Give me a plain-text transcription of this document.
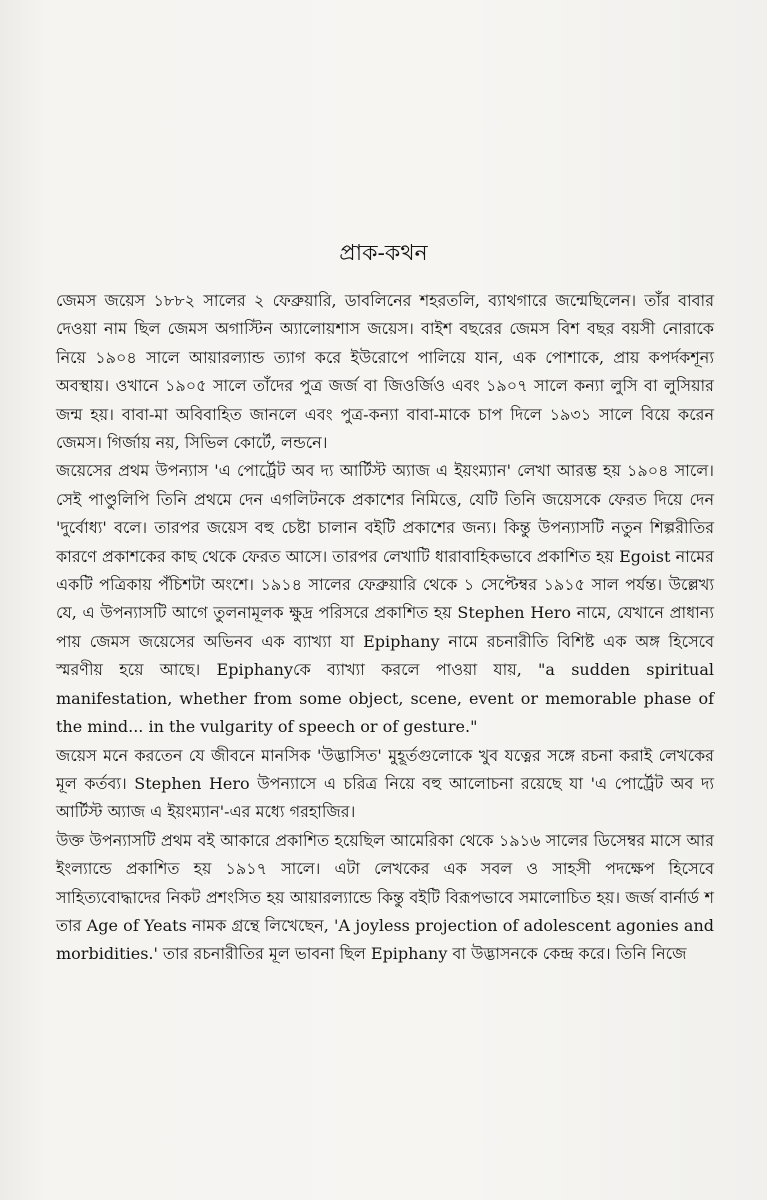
প্রাক-কথন

জেমস জয়েস ১৮৮২ সালের ২ ফেব্রুয়ারি, ডাবলিনের শহরতলি, ব্যাথগারে জন্মেছিলেন। তাঁর বাবার দেওয়া নাম ছিল জেমস অগাস্টিন অ্যালোয়শাস জয়েস। বাইশ বছরের জেমস বিশ বছর বয়সী নোরাকে নিয়ে ১৯০৪ সালে আয়ারল্যান্ড ত্যাগ করে ইউরোপে পালিয়ে যান, এক পোশাকে, প্রায় কপর্দকশূন্য অবস্থায়। ওখানে ১৯০৫ সালে তাঁদের পুত্র জর্জ বা জিওর্জিও এবং ১৯০৭ সালে কন্যা লুসি বা লুসিয়ার জন্ম হয়। বাবা-মা অবিবাহিত জানলে এবং পুত্র-কন্যা বাবা-মাকে চাপ দিলে ১৯৩১ সালে বিয়ে করেন জেমস। গির্জায় নয়, সিভিল কোর্টে, লন্ডনে।

জয়েসের প্রথম উপন্যাস 'এ পোর্ট্রেট অব দ্য আর্টিস্ট অ্যাজ এ ইয়ংম্যান' লেখা আরম্ভ হয় ১৯০৪ সালে। সেই পাণ্ডুলিপি তিনি প্রথমে দেন এগলিটনকে প্রকাশের নিমিত্তে, যেটি তিনি জয়েসকে ফেরত দিয়ে দেন 'দুর্বোধ্য' বলে। তারপর জয়েস বহু চেষ্টা চালান বইটি প্রকাশের জন্য। কিন্তু উপন্যাসটি নতুন শিল্পরীতির কারণে প্রকাশকের কাছ থেকে ফেরত আসে। তারপর লেখাটি ধারাবাহিকভাবে প্রকাশিত হয় Egoist নামের একটি পত্রিকায় পঁচিশটা অংশে। ১৯১৪ সালের ফেব্রুয়ারি থেকে ১ সেপ্টেম্বর ১৯১৫ সাল পর্যন্ত। উল্লেখ্য যে, এ উপন্যাসটি আগে তুলনামূলক ক্ষুদ্র পরিসরে প্রকাশিত হয় Stephen Hero নামে, যেখানে প্রাধান্য পায় জেমস জয়েসের অভিনব এক ব্যাখ্যা যা Epiphany নামে রচনারীতি বিশিষ্ট এক অঙ্গ হিসেবে স্মরণীয় হয়ে আছে। Epiphanyকে ব্যাখ্যা করলে পাওয়া যায়, "a sudden spiritual manifestation, whether from some object, scene, event or memorable phase of the mind... in the vulgarity of speech or of gesture."

জয়েস মনে করতেন যে জীবনে মানসিক 'উদ্ভাসিত' মুহূর্তগুলোকে খুব যত্নের সঙ্গে রচনা করাই লেখকের মূল কর্তব্য। Stephen Hero উপন্যাসে এ চরিত্র নিয়ে বহু আলোচনা রয়েছে যা 'এ পোর্ট্রেট অব দ্য আর্টিস্ট অ্যাজ এ ইয়ংম্যান'-এর মধ্যে গরহাজির।

উক্ত উপন্যাসটি প্রথম বই আকারে প্রকাশিত হয়েছিল আমেরিকা থেকে ১৯১৬ সালের ডিসেম্বর মাসে আর ইংল্যান্ডে প্রকাশিত হয় ১৯১৭ সালে। এটা লেখকের এক সবল ও সাহসী পদক্ষেপ হিসেবে সাহিত্যবোদ্ধাদের নিকট প্রশংসিত হয় আয়ারল্যান্ডে কিন্তু বইটি বিরূপভাবে সমালোচিত হয়। জর্জ বার্নার্ড শ তার Age of Yeats নামক গ্রন্থে লিখেছেন, 'A joyless projection of adolescent agonies and morbidities.' তার রচনারীতির মূল ভাবনা ছিল Epiphany বা উদ্ভাসনকে কেন্দ্র করে। তিনি নিজে
